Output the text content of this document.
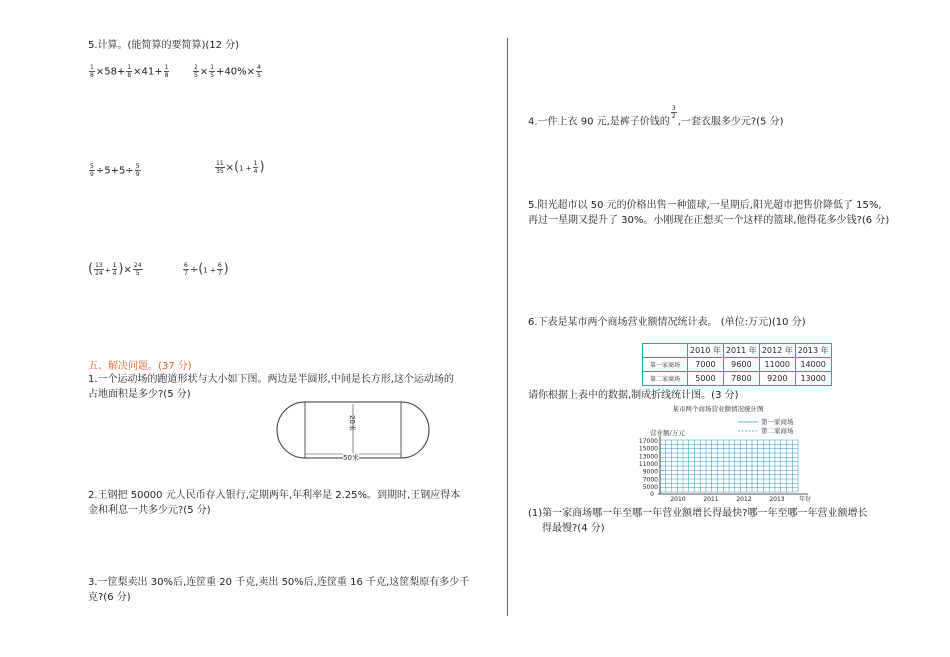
5.计算。(能简算的要简算)(12 分)
$\frac{1}{8} \times 58+ \frac{1}{8} \times 41+ \frac{1}{8}$	$\frac{2}{5} \times \frac{1}{5} +40\%\times \frac{4}{5}$
$\frac{5}{9} \div 5+5\div \frac{5}{9}$	$\frac{11}{35} \times(1 + \frac{1}{4}$ )
( $\frac{13}{24} + \frac{1}{4}$ )× $\frac{24}{5}$	$\frac{6}{7} \div(1 + \frac{6}{7}$ )
五、解决问题。(37 分)
1.一个运动场的跑道形状与大小如下图。两边是半圆形,中间是长方形,这个运动场的
占地面积是多少?(5 分)
20米
50米
2.王钢把 50000 元人民币存入银行,定期两年,年利率是 2.25%。到期时,王钢应得本
金和利息一共多少元?(5 分)
3.一筐梨卖出 30%后,连筐重 20 千克,卖出 50%后,连筐重 16 千克,这筐梨原有多少千
克?(6 分)
4.一件上衣 90 元,是裤子价钱的
$\frac{3}{2}$
,一套衣服多少元?(5 分)
5.阳光超市以 50 元的价格出售一种篮球,一星期后,阳光超市把售价降低了 15%,
再过一星期又提升了 30%。小刚现在正想买一个这样的篮球,他得花多少钱?(6 分)
6.下表是某市两个商场营业额情况统计表。 (单位:万元)(10 分)
	2010 年	2011 年	2012 年	2013 年
第一家商场	7000	9600	11000	14000
第二家商场	5000	7800	9200	13000
请你根据上表中的数据,制成折线统计图。(3 分)
某市两个商场营业额情况统计图
营业额/万元
第一家商场
第二家商场
17000
15000
13000
11000
9000
7000
5000
0
2010	2011	2012	2013 年份
(1)第一家商场哪一年至哪一年营业额增长得最快?哪一年至哪一年营业额增长
得最慢?(4 分)
